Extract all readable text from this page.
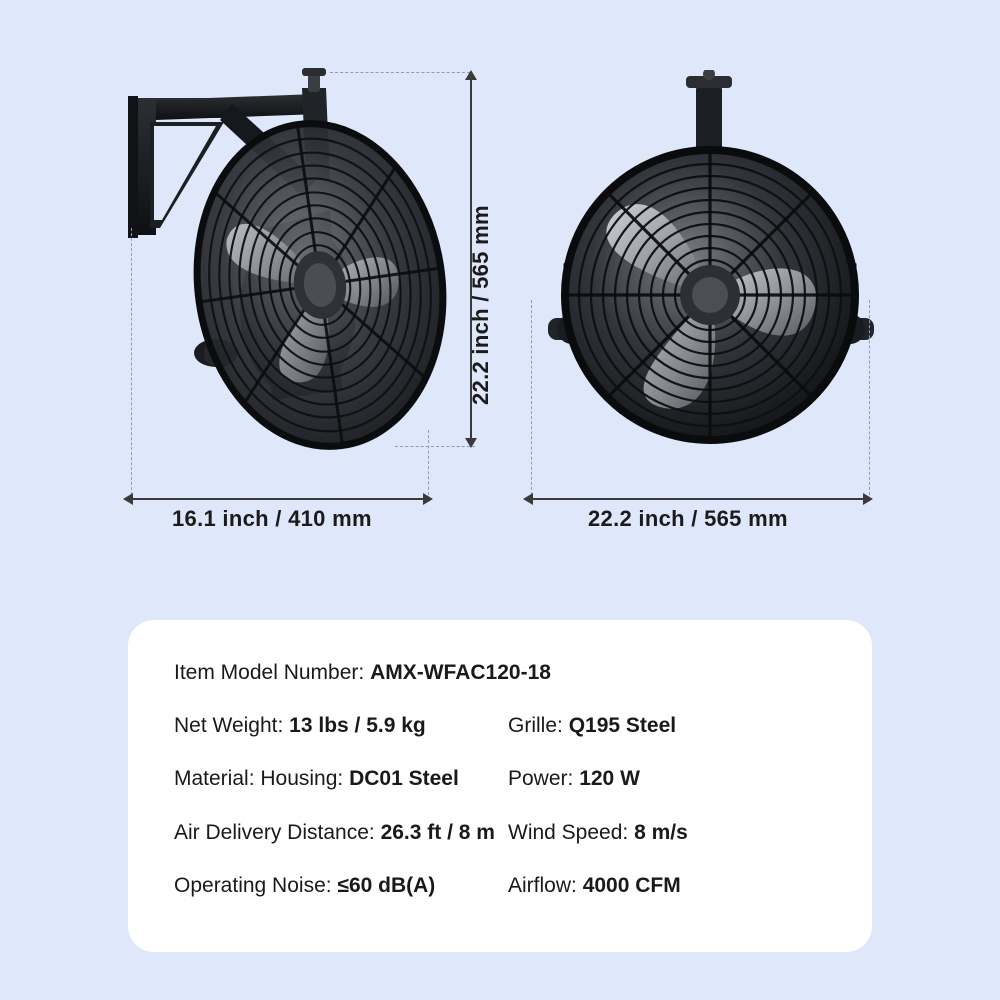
22.2 inch / 565 mm
16.1 inch / 410 mm	22.2 inch / 565 mm
Item Model Number: AMX-WFAC120-18
Net Weight: 13 lbs / 5.9 kg	Grille: Q195 Steel
Material: Housing: DC01 Steel	Power: 120 W
Air Delivery Distance: 26.3 ft / 8 m Wind Speed: 8 m/s
Operating Noise: ≤60 dB(A)	Airflow: 4000 CFM
